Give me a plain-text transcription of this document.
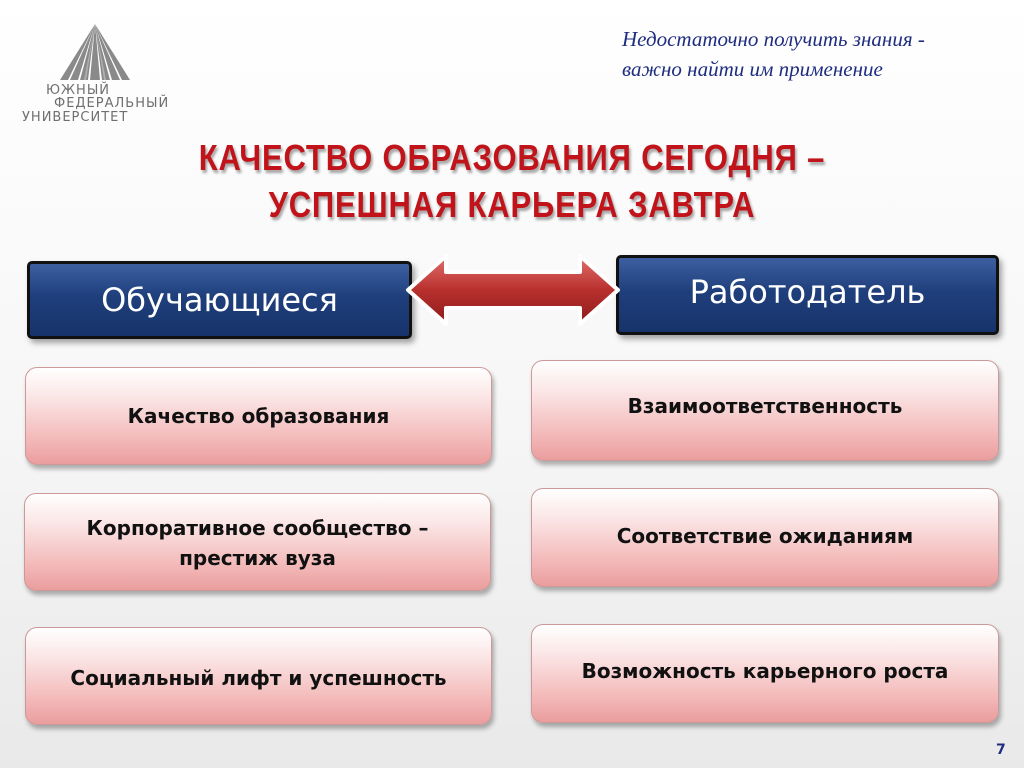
ЮЖНЫЙ
ФЕДЕРАЛЬНЫЙ
УНИВЕРСИТЕТ
Недостаточно получить знания -
важно найти им применение
КАЧЕСТВО ОБРАЗОВАНИЯ СЕГОДНЯ –
УСПЕШНАЯ КАРЬЕРА ЗАВТРА
Обучающиеся	Работодатель
Качество образования
Корпоративное сообщество –
престиж вуза
Социальный лифт и успешность
Взаимоответственность
Соответствие ожиданиям
Возможность карьерного роста
7
